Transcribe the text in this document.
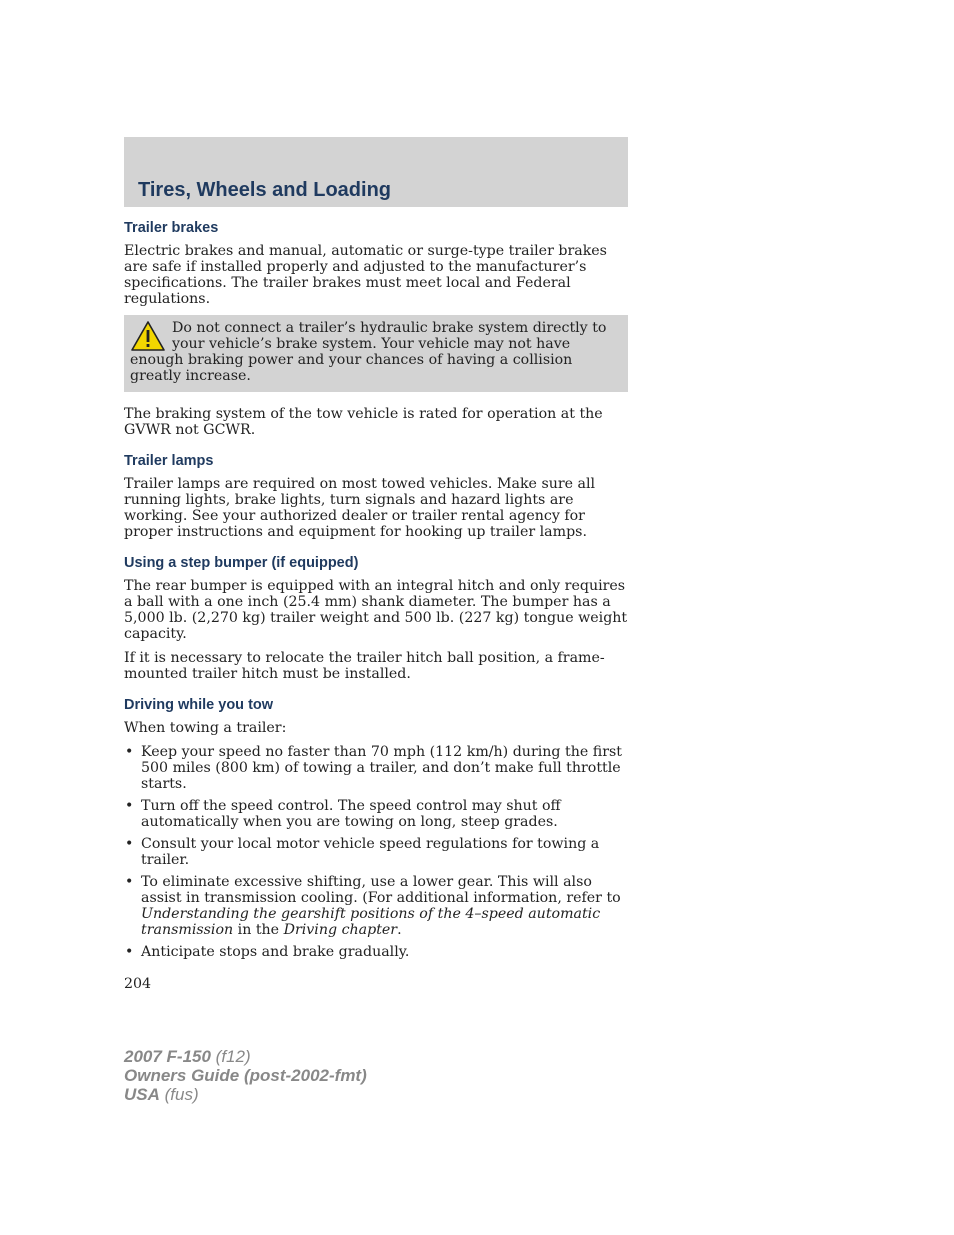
Tires, Wheels and Loading
Trailer brakes

Electric brakes and manual, automatic or surge-type trailer brakes are safe if installed properly and adjusted to the manufacturer’s specifications. The trailer brakes must meet local and Federal regulations.

Do not connect a trailer’s hydraulic brake system directly to your vehicle’s brake system. Your vehicle may not have enough braking power and your chances of having a collision greatly increase.

The braking system of the tow vehicle is rated for operation at the GVWR not GCWR.

Trailer lamps

Trailer lamps are required on most towed vehicles. Make sure all running lights, brake lights, turn signals and hazard lights are working. See your authorized dealer or trailer rental agency for proper instructions and equipment for hooking up trailer lamps.

Using a step bumper (if equipped)

The rear bumper is equipped with an integral hitch and only requires a ball with a one inch (25.4 mm) shank diameter. The bumper has a 5,000 lb. (2,270 kg) trailer weight and 500 lb. (227 kg) tongue weight capacity.

If it is necessary to relocate the trailer hitch ball position, a frame-mounted trailer hitch must be installed.

Driving while you tow

When towing a trailer:

• Keep your speed no faster than 70 mph (112 km/h) during the first 500 miles (800 km) of towing a trailer, and don’t make full throttle starts.
• Turn off the speed control. The speed control may shut off automatically when you are towing on long, steep grades.
• Consult your local motor vehicle speed regulations for towing a trailer.
• To eliminate excessive shifting, use a lower gear. This will also assist in transmission cooling. (For additional information, refer to Understanding the gearshift positions of the 4–speed automatic transmission in the Driving chapter.
• Anticipate stops and brake gradually.
204
2007 F-150 (f12)
Owners Guide (post-2002-fmt)
USA (fus)
